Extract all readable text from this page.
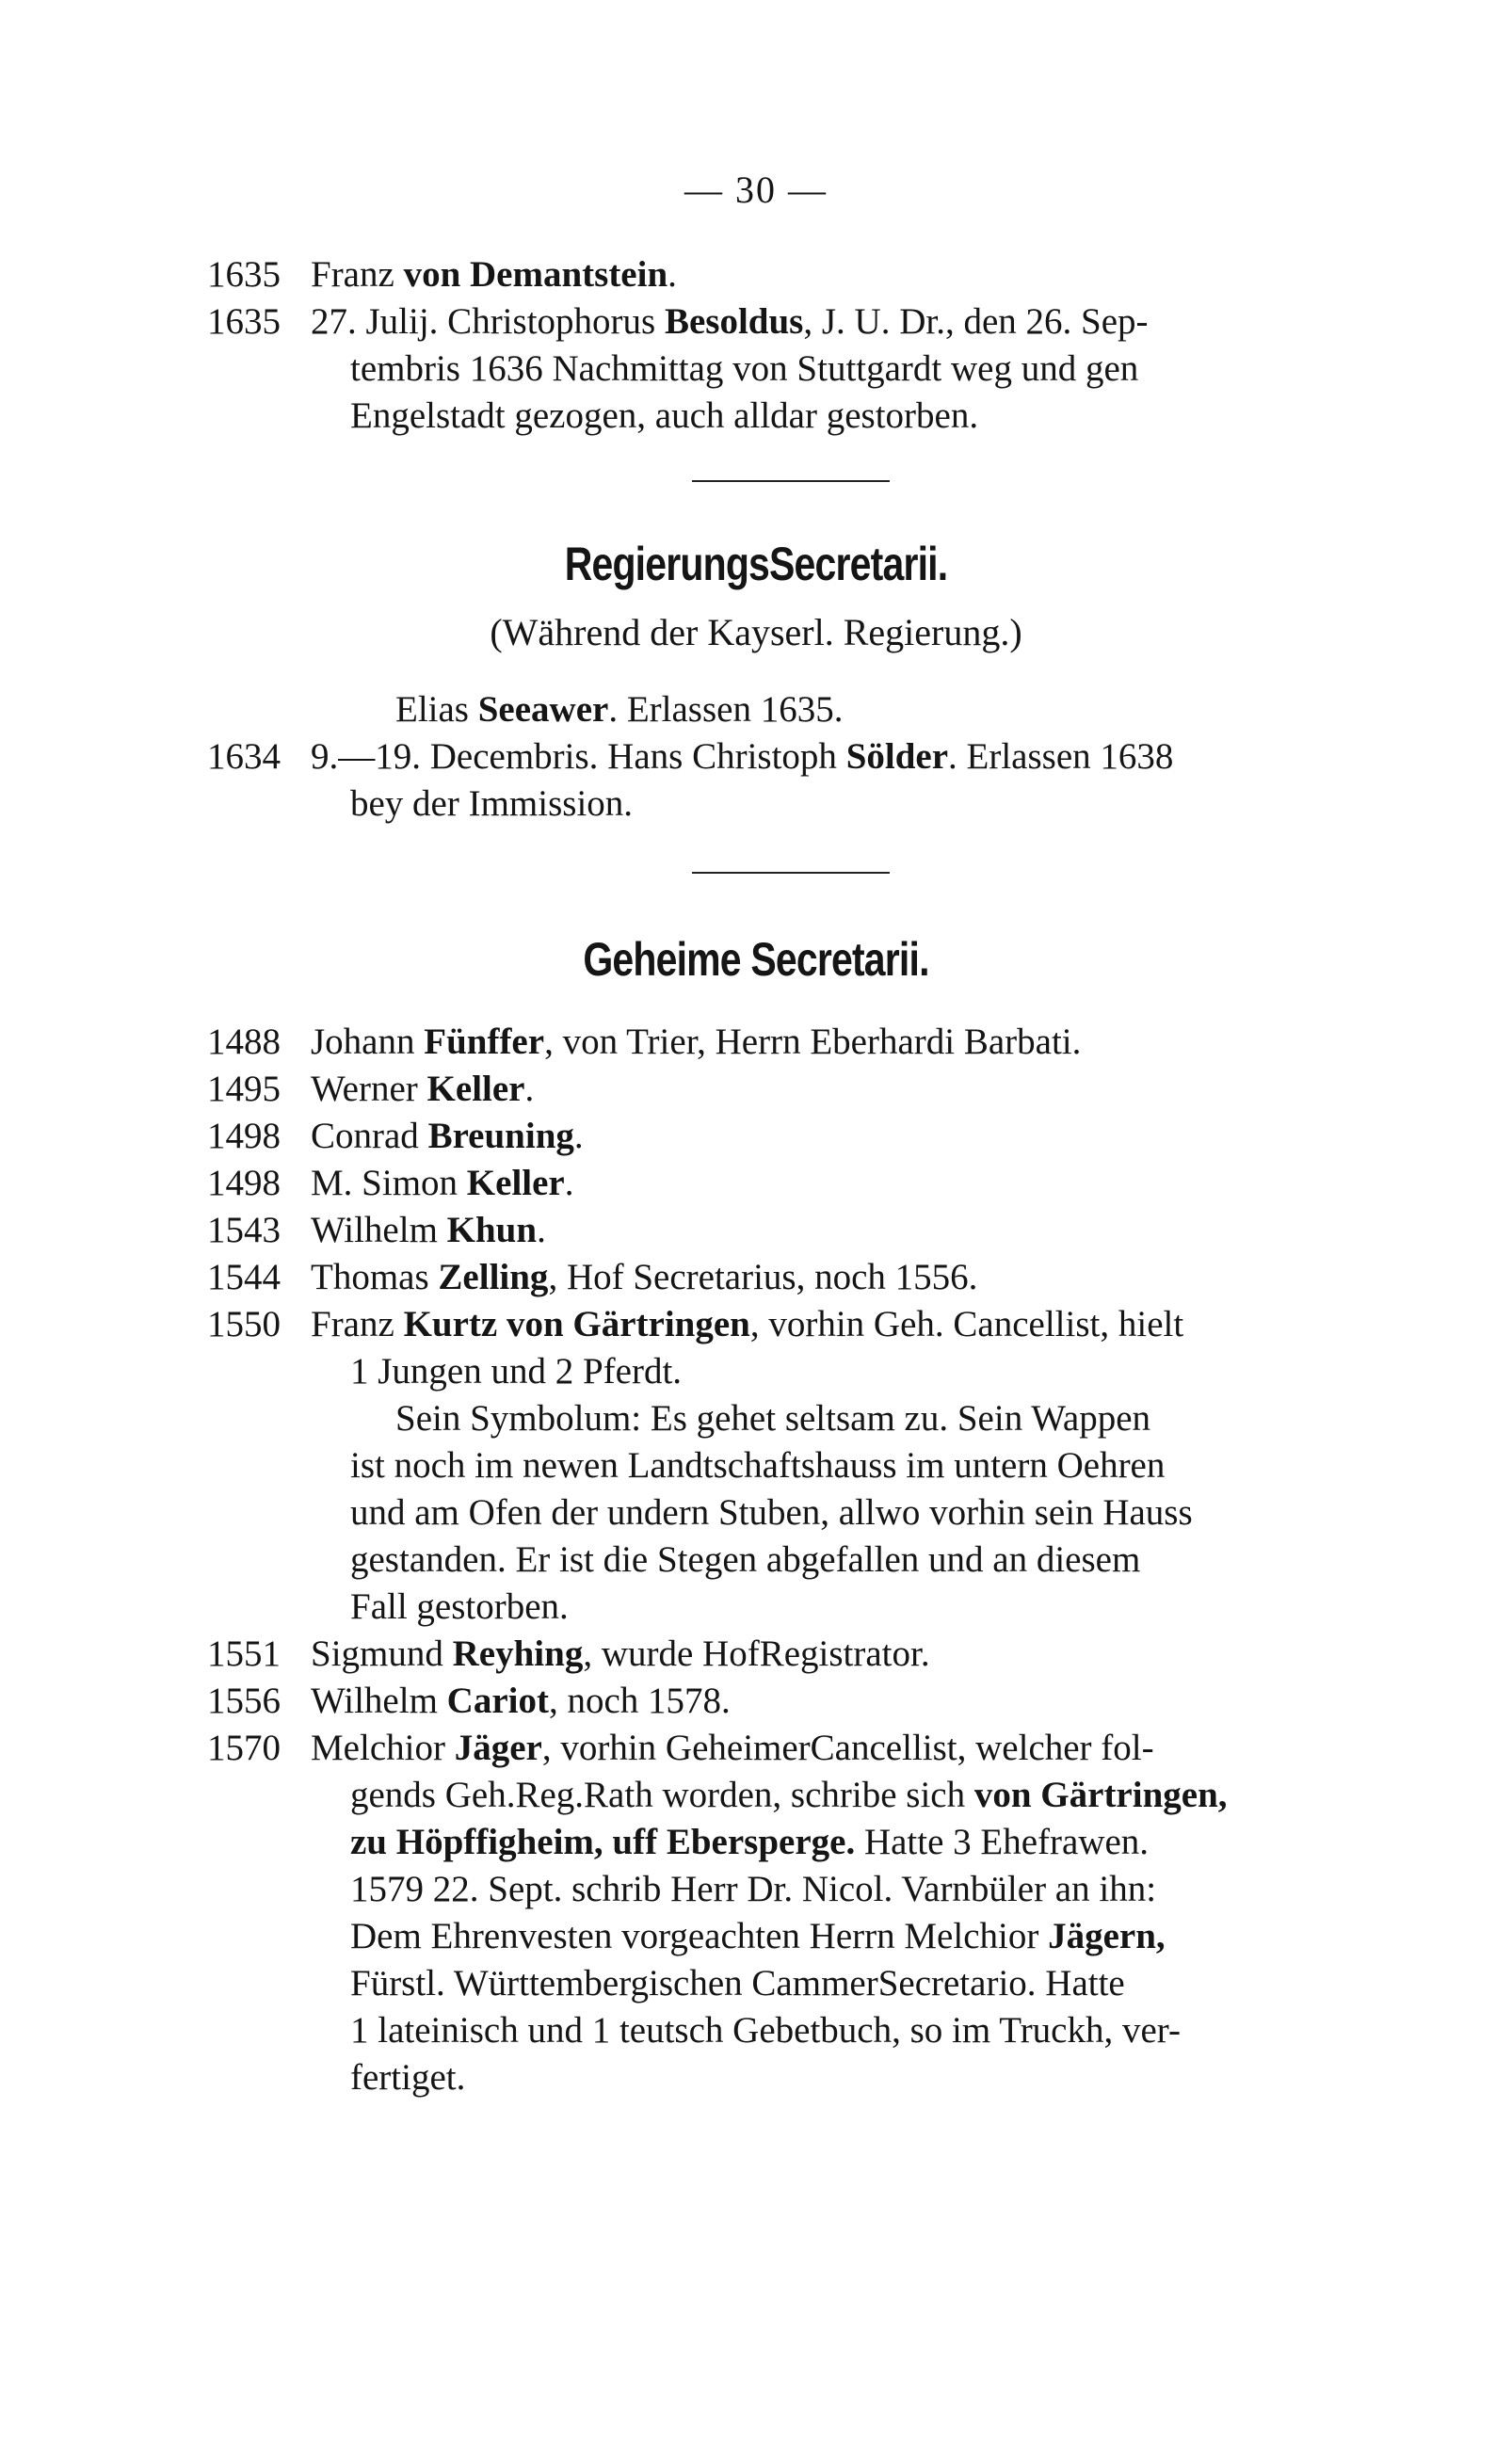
— 30 —
1635 Franz von Demantstein.
1635 27. Julij. Christophorus Besoldus, J. U. Dr., den 26. Sep-
tembris 1636 Nachmittag von Stuttgardt weg und gen
Engelstadt gezogen, auch alldar gestorben.
RegierungsSecretarii.
(Während der Kayserl. Regierung.)
Elias Seeawer. Erlassen 1635.
1634 9.—19. Decembris. Hans Christoph Sölder. Erlassen 1638
bey der Immission.
Geheime Secretarii.
1488 Johann Fünffer, von Trier, Herrn Eberhardi Barbati.
1495 Werner Keller.
1498 Conrad Breuning.
1498 M. Simon Keller.
1543 Wilhelm Khun.
1544 Thomas Zelling, Hof Secretarius, noch 1556.
1550 Franz Kurtz von Gärtringen, vorhin Geh. Cancellist, hielt
1 Jungen und 2 Pferdt.
Sein Symbolum: Es gehet seltsam zu. Sein Wappen
ist noch im newen Landtschaftshauss im untern Oehren
und am Ofen der undern Stuben, allwo vorhin sein Hauss
gestanden. Er ist die Stegen abgefallen und an diesem
Fall gestorben.
1551 Sigmund Reyhing, wurde HofRegistrator.
1556 Wilhelm Cariot, noch 1578.
1570 Melchior Jäger, vorhin GeheimerCancellist, welcher fol-
gends Geh.Reg.Rath worden, schribe sich von Gärtringen,
zu Höpffigheim, uff Ebersperge. Hatte 3 Ehefrawen.
1579 22. Sept. schrib Herr Dr. Nicol. Varnbüler an ihn:
Dem Ehrenvesten vorgeachten Herrn Melchior Jägern,
Fürstl. Württembergischen CammerSecretario. Hatte
1 lateinisch und 1 teutsch Gebetbuch, so im Truckh, ver-
fertiget.
